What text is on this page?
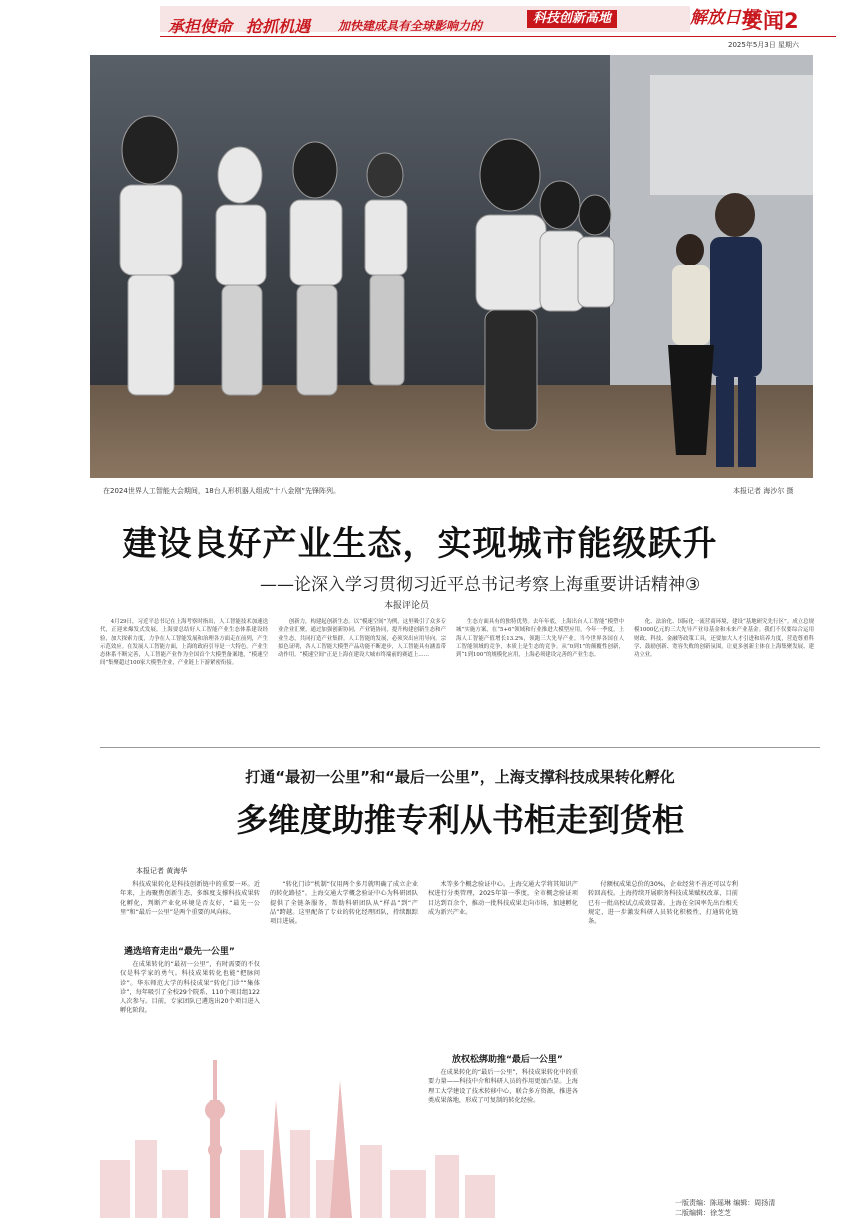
承担使命 抢抓机遇 加快建成具有全球影响力的	科技创新高地	解放日报
要闻2
2025年5月3日 星期六
在2024世界人工智能大会期间，18台人形机器人组成“十八金刚”先锋阵列。	本报记者 海沙尔 摄
建设良好产业生态，实现城市能级跃升
——论深入学习贯彻习近平总书记考察上海重要讲话精神③
本报评论员

4月29日，习近平总书记在上海考察时指出，人工智能技术加速迭代，正迎来爆发式发展。上海要总结好人工智能产业生态体系建设经验，加大探索力度，力争在人工智能发展和治理各方面走在前列，产生示范效应。在发展人工智能方面，上海的政府引导是一大特色。产业生态体系不断完善，人工智能产业作为全国首个大模型备案地，“模速空间”集聚超过100家大模型企业，产业链上下游紧密衔接。

创新力，构建起创新生态。以“模速空间”为例，这里吸引了众多专业企业汇聚，通过加强创新协同，产业链协同，提升构建创新生态和产业生态，共同打造产业集群。人工智能的发展，必须突出应用导向。宗拟色证明，各人工智能大模型产品功能不断进步，人工智能具有涵盖带动作用。“模速空间”正是上海在建设大城市终端前的赛道上……

生态方面具有的独特优势。去年年底，上海出台人工智能“模塑中城”实施方案，在“5+6”领域和行业推进大模型应用，今年一季度，上海人工智能产值增长13.2%，领跑三大先导产业。当今世界各国在人工智能领域的竞争，本质上是生态的竞争。从“0到1”的颠覆性创新，到“1到100”的规模化应用，上海必须建设完善的产业生态。

化、法治化、国际化一流营商环境，建设“基地研究先行区”。成立总规模1000亿元的三大先导产业母基金和未来产业基金。我们不仅要综合运用财政、科技、金融等政策工具，还要加大人才引进和培养力度，营造尊重科学、鼓励创新、宽容失败的创新氛围，让更多创新主体在上海集聚发展、建功立业。

打通“最初一公里”和“最后一公里”，上海支撑科技成果转化孵化
多维度助推专利从书柜走到货柜
本报记者 黄海华

科技成果转化是科技创新链中的重要一环。近年来，上海聚焦创新生态，多维度支撑科技成果转化孵化，判断产业化环境是否友好，“最先一公里”和“最后一公里”是两个重要的风向标。

遴选培育走出“最先一公里”

在成果转化的“最初一公里”，有时需要的不仅仅是科学家的勇气。科技成果转化也能“把脉问诊”。华东师范大学的科技成果“转化门诊”“集体诊”，每年吸引了全校29个院系、110个项目组122人次参与。目前，专家团队已遴选出20个项目进入孵化阶段。

“转化门诊”机制“仅用两个多月就明确了成立企业的转化路径”。上海交通大学概念验证中心为科研团队提供了全链条服务，帮助科研团队从“样品”到“产品”跨越。这里配备了专业的转化经理团队，持续跟踪项目进展。

术等多个概念验证中心。上海交通大学将其知识产权进行分类管理，2025年第一季度，全市概念验证项目达到百余个，推动一批科技成果走向市场，加速孵化成为新兴产业。

放权松绑助推“最后一公里”

在成果转化的“最后一公里”，科技成果转化中的重要力量——科技中介和科研人员的作用更加凸显。上海理工大学建设了技术转移中心，联合多方资源，推进各类成果落地，形成了可复制的转化经验。

付额权成果总价的30%，企业经营不善还可以专利转回高校。上海持续开展职务科技成果赋权改革，目前已有一批高校试点成效显著。上海在全国率先出台相关规定，进一步激发科研人员转化积极性，打通转化链条。

一版责编：陈瑶琳 编辑：周扬清
二版编辑：徐芝芝
